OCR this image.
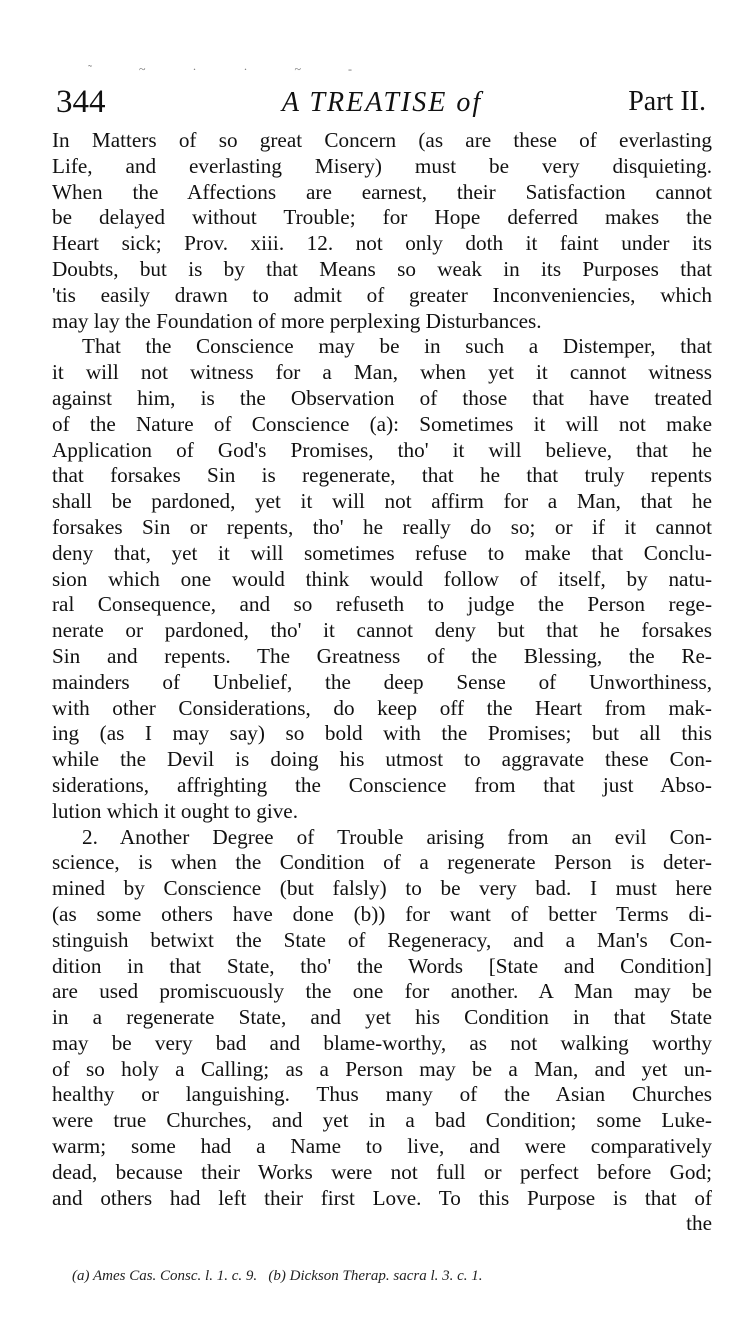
˜ ~ · · ~ -
344	A TREATISE of	Part II.
In Matters of so great Concern (as are these of everlasting
Life, and everlasting Misery) must be very disquieting.
When the Affections are earnest, their Satisfaction cannot
be delayed without Trouble; for Hope deferred makes the
Heart sick; Prov. xiii. 12. not only doth it faint under its
Doubts, but is by that Means so weak in its Purposes that
'tis easily drawn to admit of greater Inconveniencies, which
may lay the Foundation of more perplexing Disturbances.
That the Conscience may be in such a Distemper, that
it will not witness for a Man, when yet it cannot witness
against him, is the Observation of those that have treated
of the Nature of Conscience (a): Sometimes it will not make
Application of God's Promises, tho' it will believe, that he
that forsakes Sin is regenerate, that he that truly repents
shall be pardoned, yet it will not affirm for a Man, that he
forsakes Sin or repents, tho' he really do so; or if it cannot
deny that, yet it will sometimes refuse to make that Conclu-
sion which one would think would follow of itself, by natu-
ral Consequence, and so refuseth to judge the Person rege-
nerate or pardoned, tho' it cannot deny but that he forsakes
Sin and repents. The Greatness of the Blessing, the Re-
mainders of Unbelief, the deep Sense of Unworthiness,
with other Considerations, do keep off the Heart from mak-
ing (as I may say) so bold with the Promises; but all this
while the Devil is doing his utmost to aggravate these Con-
siderations, affrighting the Conscience from that just Abso-
lution which it ought to give.
2. Another Degree of Trouble arising from an evil Con-
science, is when the Condition of a regenerate Person is deter-
mined by Conscience (but falsly) to be very bad. I must here
(as some others have done (b)) for want of better Terms di-
stinguish betwixt the State of Regeneracy, and a Man's Con-
dition in that State, tho' the Words [State and Condition]
are used promiscuously the one for another. A Man may be
in a regenerate State, and yet his Condition in that State
may be very bad and blame-worthy, as not walking worthy
of so holy a Calling; as a Person may be a Man, and yet un-
healthy or languishing. Thus many of the Asian Churches
were true Churches, and yet in a bad Condition; some Luke-
warm; some had a Name to live, and were comparatively
dead, because their Works were not full or perfect before God;
and others had left their first Love. To this Purpose is that of
the
(a) Ames Cas. Consc. l. 1. c. 9.   (b) Dickson Therap. sacra l. 3. c. 1.
